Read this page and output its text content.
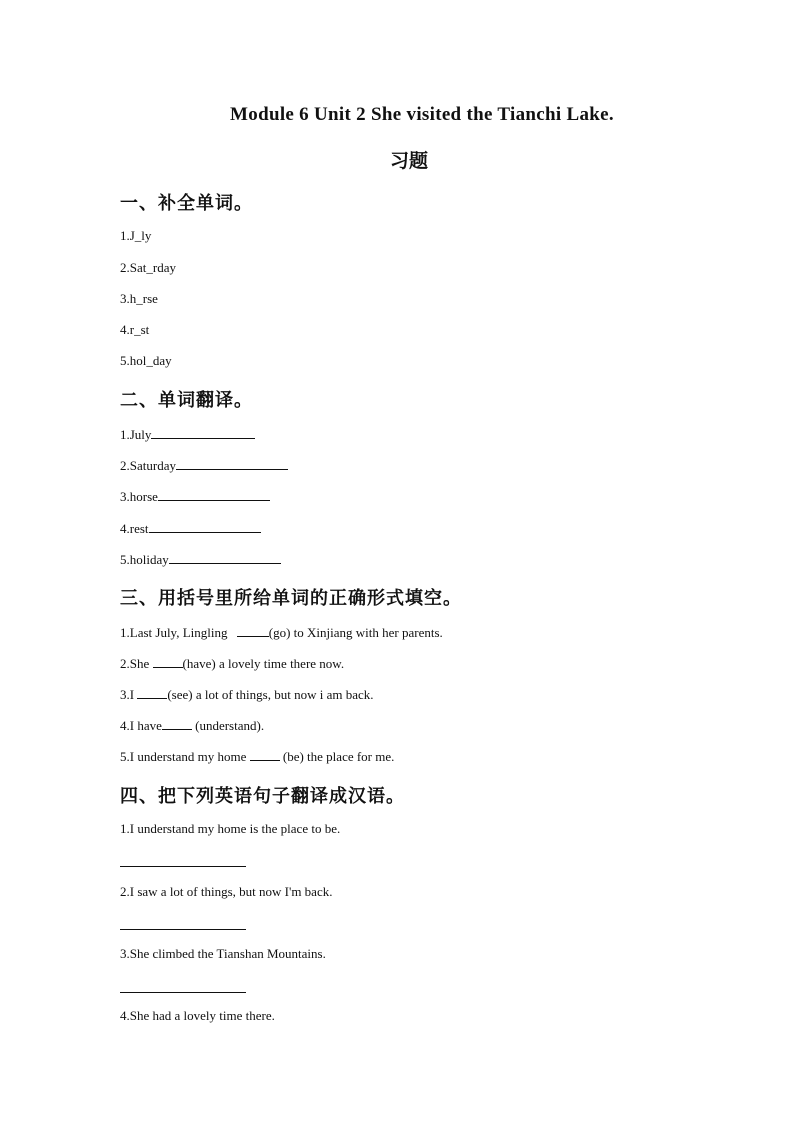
Module 6 Unit 2 She visited the Tianchi Lake.
习题
一、补全单词。
1.J_ly
2.Sat_rday
3.h_rse
4.r_st
5.hol_day
二、单词翻译。
1.July
2.Saturday
3.horse
4.rest
5.holiday
三、用括号里所给单词的正确形式填空。
1.Last July, Lingling	(go) to Xinjiang with her parents.
2.She (have) a lovely time there now.
3.I (see) a lot of things, but now i am back.
4.I have (understand).
5.I understand my home  (be) the place for me.
四、把下列英语句子翻译成汉语。
1.I understand my home is the place to be.
2.I saw a lot of things, but now I'm back.
3.She climbed the Tianshan Mountains.
4.She had a lovely time there.
